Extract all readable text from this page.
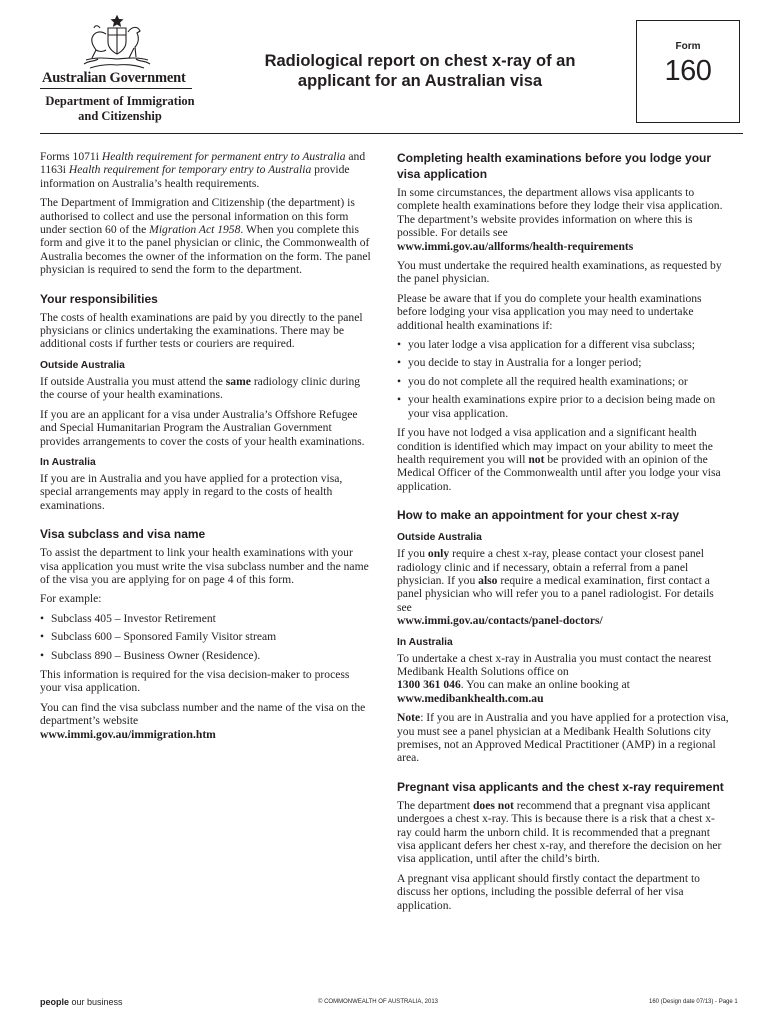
Australian Government
Department of Immigration
and Citizenship
Radiological report on chest x-ray of an
applicant for an Australian visa
Form
160

Forms 1071i Health requirement for permanent entry to Australia and 1163i Health requirement for temporary entry to Australia provide information on Australia’s health requirements.

The Department of Immigration and Citizenship (the department) is authorised to collect and use the personal information on this form under section 60 of the Migration Act 1958. When you complete this form and give it to the panel physician or clinic, the Commonwealth of Australia becomes the owner of the information on the form. The panel physician is required to send the form to the department.

Your responsibilities

The costs of health examinations are paid by you directly to the panel physicians or clinics undertaking the examinations. There may be additional costs if further tests or couriers are required.

Outside Australia

If outside Australia you must attend the same radiology clinic during the course of your health examinations.

If you are an applicant for a visa under Australia’s Offshore Refugee and Special Humanitarian Program the Australian Government provides arrangements to cover the costs of your health examinations.

In Australia

If you are in Australia and you have applied for a protection visa, special arrangements may apply in regard to the costs of health examinations.

Visa subclass and visa name

To assist the department to link your health examinations with your visa application you must write the visa subclass number and the name of the visa you are applying for on page 4 of this form.

For example:

• Subclass 405 – Investor Retirement
• Subclass 600 – Sponsored Family Visitor stream
• Subclass 890 – Business Owner (Residence).

This information is required for the visa decision-maker to process your visa application.

You can find the visa subclass number and the name of the visa on the department’s website
www.immi.gov.au/immigration.htm

Completing health examinations before you lodge your visa application

In some circumstances, the department allows visa applicants to complete health examinations before they lodge their visa application. The department’s website provides information on where this is possible. For details see
www.immi.gov.au/allforms/health-requirements

You must undertake the required health examinations, as requested by the panel physician.

Please be aware that if you do complete your health examinations before lodging your visa application you may need to undertake additional health examinations if:

• you later lodge a visa application for a different visa subclass;
• you decide to stay in Australia for a longer period;
• you do not complete all the required health examinations; or
• your health examinations expire prior to a decision being made on your visa application.

If you have not lodged a visa application and a significant health condition is identified which may impact on your ability to meet the health requirement you will not be provided with an opinion of the Medical Officer of the Commonwealth until after you lodge your visa application.

How to make an appointment for your chest x-ray
Outside Australia

If you only require a chest x-ray, please contact your closest panel radiology clinic and if necessary, obtain a referral from a panel physician. If you also require a medical examination, first contact a panel physician who will refer you to a panel radiologist. For details see
www.immi.gov.au/contacts/panel-doctors/

In Australia

To undertake a chest x-ray in Australia you must contact the nearest Medibank Health Solutions office on
1300 361 046. You can make an online booking at
www.medibankhealth.com.au

Note: If you are in Australia and you have applied for a protection visa, you must see a panel physician at a Medibank Health Solutions city premises, not an Approved Medical Practitioner (AMP) in a regional area.

Pregnant visa applicants and the chest x-ray requirement

The department does not recommend that a pregnant visa applicant undergoes a chest x-ray. This is because there is a risk that a chest x-ray could harm the unborn child. It is recommended that a pregnant visa applicant defers her chest x-ray, and therefore the decision on her visa application, until after the child’s birth.

A pregnant visa applicant should firstly contact the department to discuss her options, including the possible deferral of her visa application.

people our business	© COMMONWEALTH OF AUSTRALIA, 2013	160 (Design date 07/13) - Page 1
